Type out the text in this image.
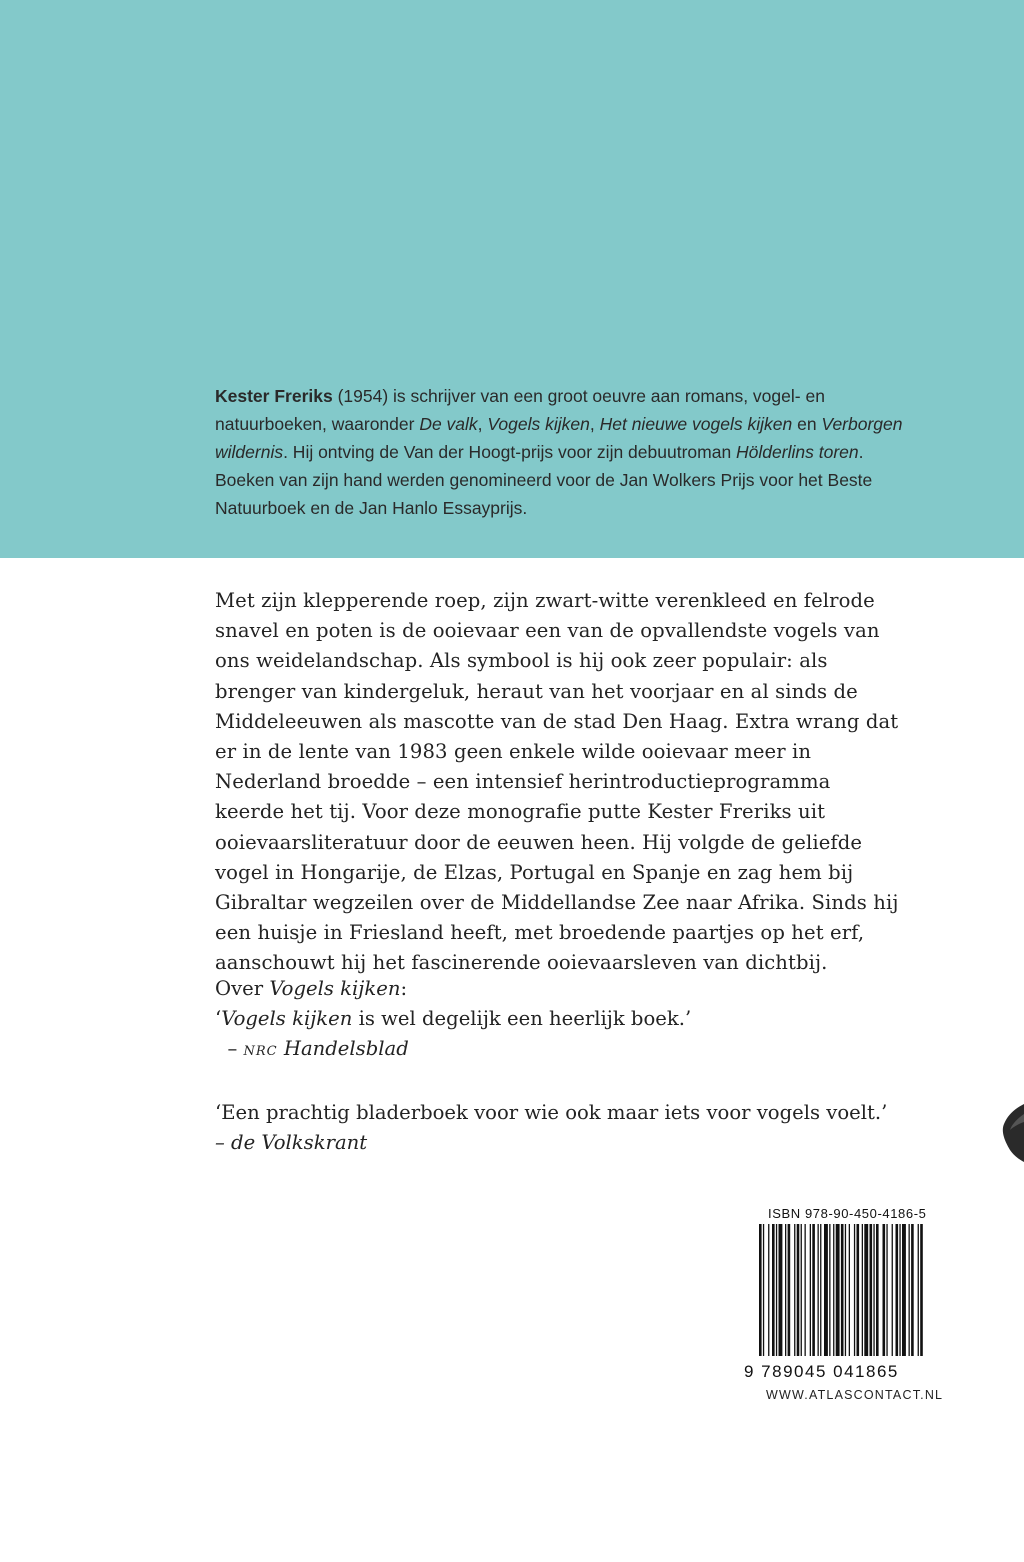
Kester Freriks (1954) is schrijver van een groot oeuvre aan romans, vogel- en natuurboeken, waaronder De valk, Vogels kijken, Het nieuwe vogels kijken en Verborgen wildernis. Hij ontving de Van der Hoogt-prijs voor zijn debuutroman Hölderlins toren. Boeken van zijn hand werden genomineerd voor de Jan Wolkers Prijs voor het Beste Natuurboek en de Jan Hanlo Essayprijs.

Met zijn klepperende roep, zijn zwart-witte verenkleed en felrode snavel en poten is de ooievaar een van de opvallendste vogels van ons weidelandschap. Als symbool is hij ook zeer populair: als brenger van kindergeluk, heraut van het voorjaar en al sinds de Middeleeuwen als mascotte van de stad Den Haag. Extra wrang dat er in de lente van 1983 geen enkele wilde ooievaar meer in Nederland broedde – een intensief herintroductieprogramma keerde het tij. Voor deze monografie putte Kester Freriks uit ooievaarsliteratuur door de eeuwen heen. Hij volgde de geliefde vogel in Hongarije, de Elzas, Portugal en Spanje en zag hem bij Gibraltar wegzeilen over de Middellandse Zee naar Afrika. Sinds hij een huisje in Friesland heeft, met broedende paartjes op het erf, aanschouwt hij het fascinerende ooievaarsleven van dichtbij.

Over Vogels kijken:

‘Vogels kijken is wel degelijk een heerlijk boek.’

– NRC Handelsblad

‘Een prachtig bladerboek voor wie ook maar iets voor vogels voelt.’

– de Volkskrant

ISBN 978-90-450-4186-5
9 789045 041865
WWW.ATLASCONTACT.NL
